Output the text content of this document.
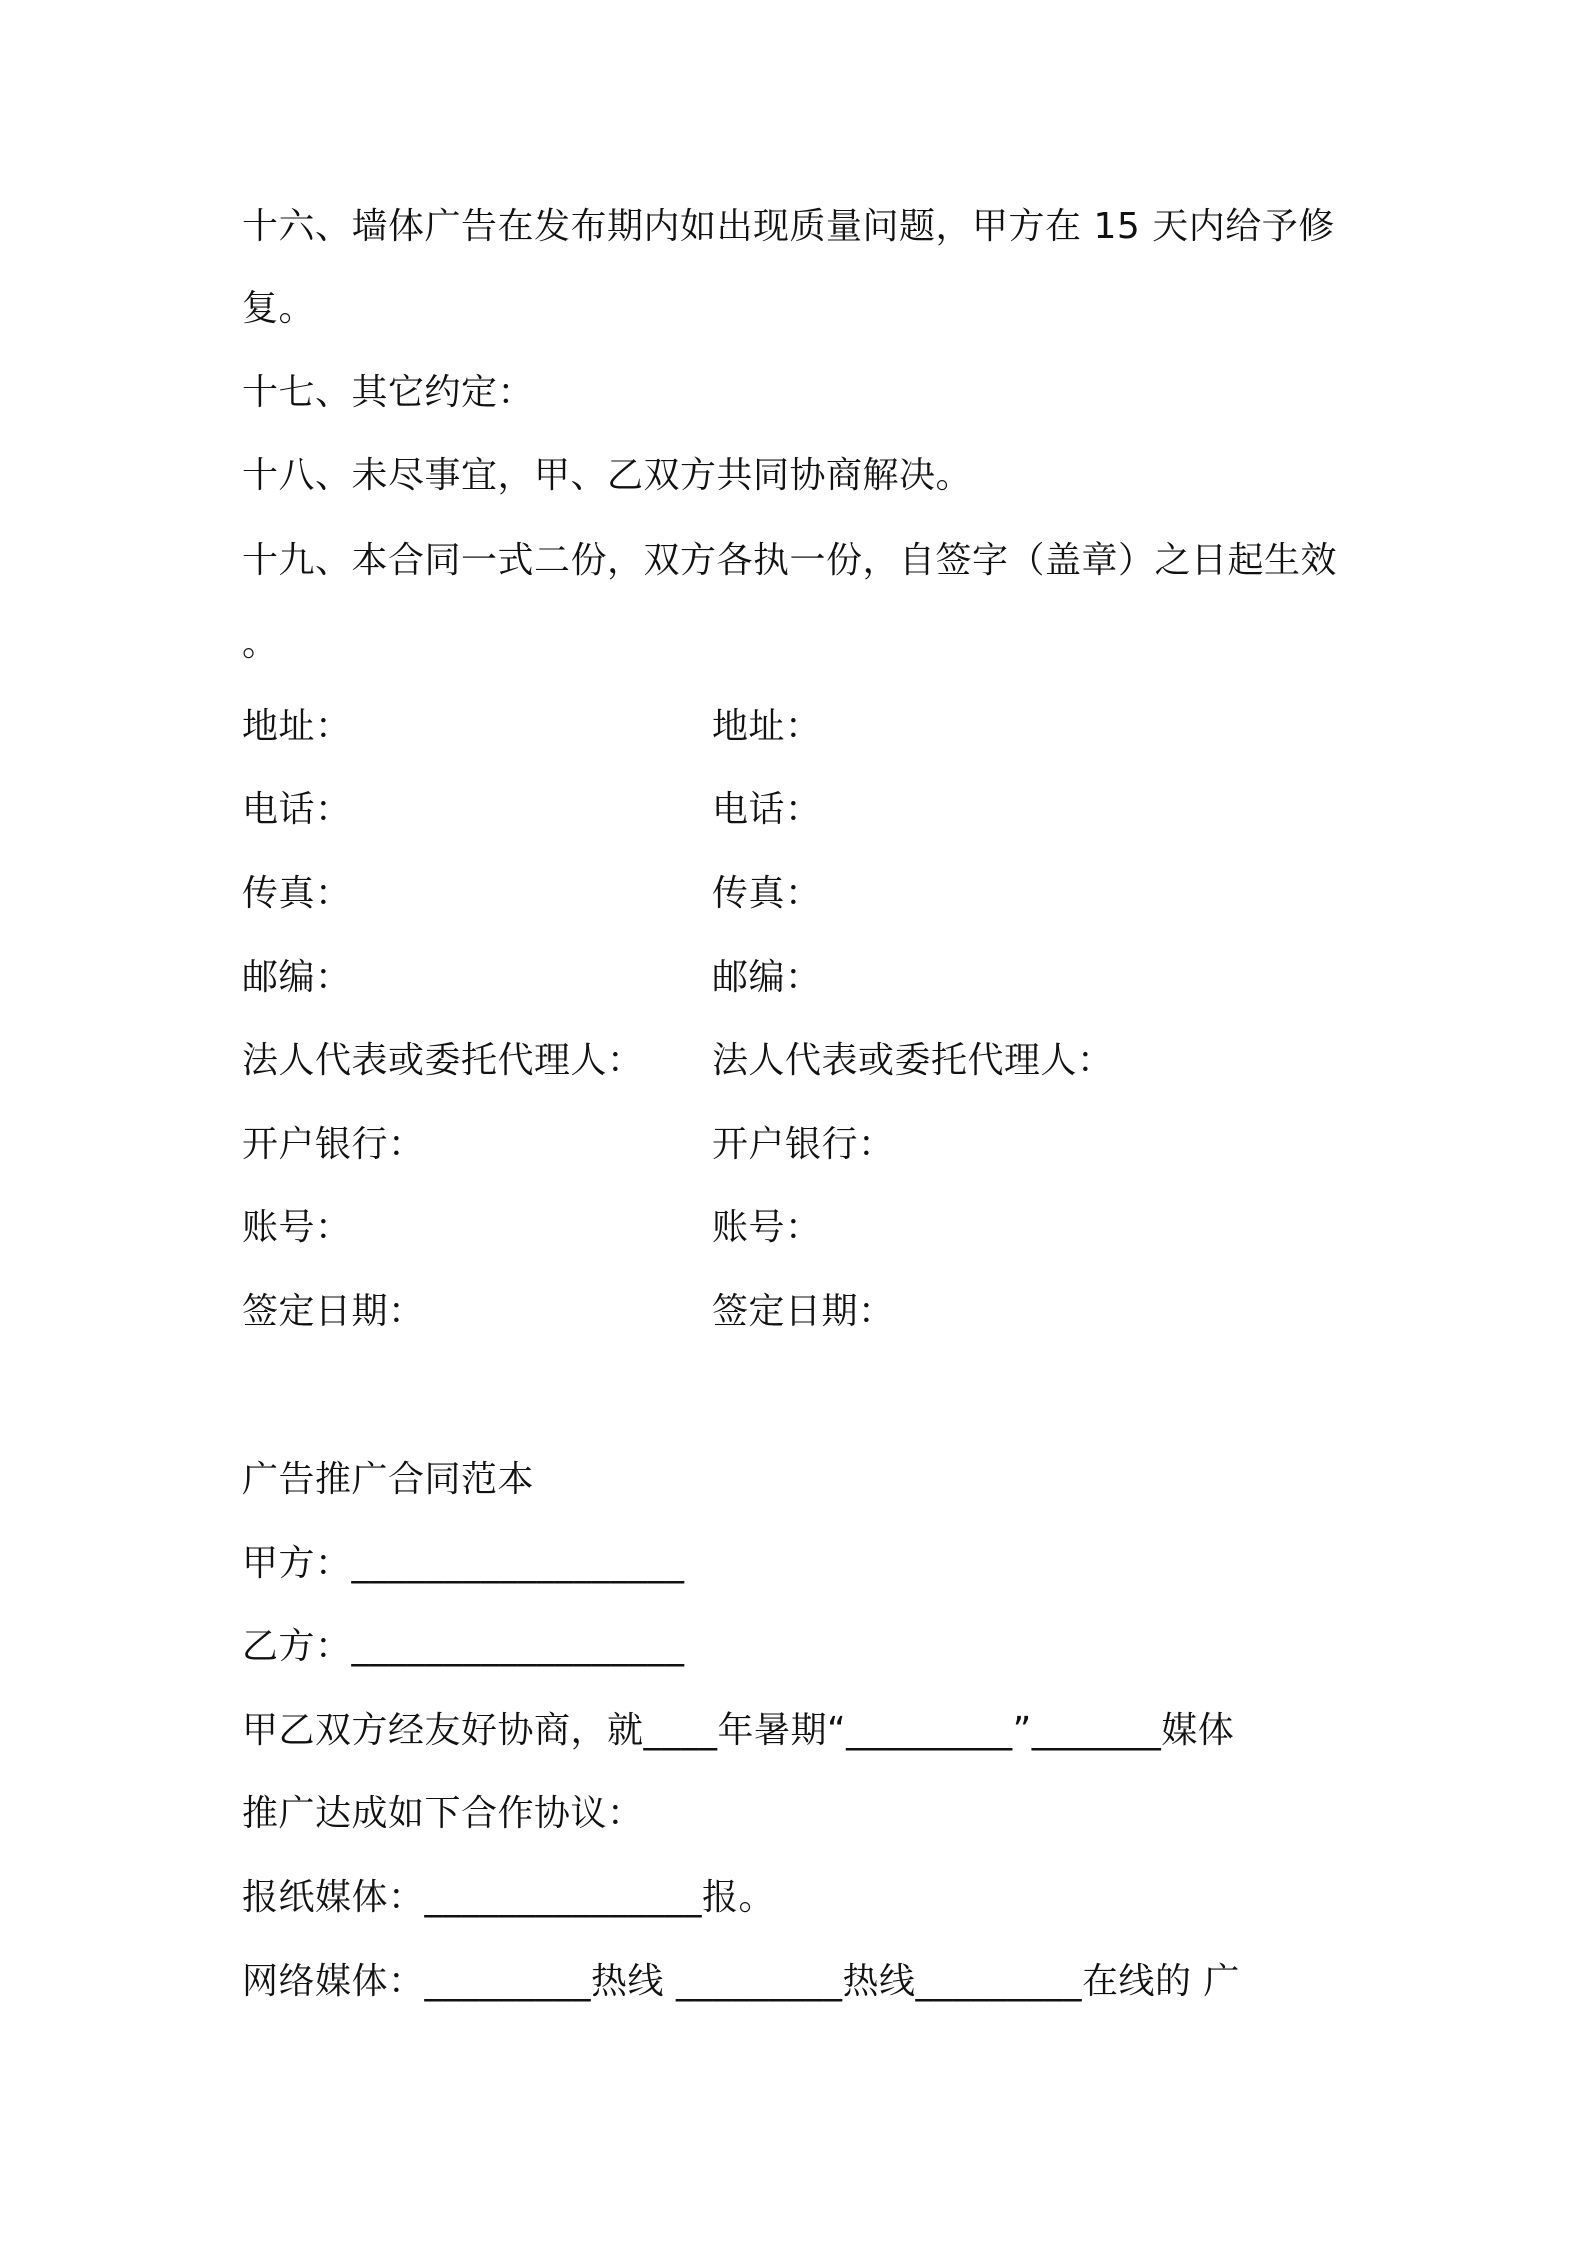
十六、墙体广告在发布期内如出现质量问题，甲方在 15 天内给予修
复。
十七、其它约定：
十八、未尽事宜，甲、乙双方共同协商解决。
十九、本合同一式二份，双方各执一份，自签字（盖章）之日起生效
。
地址：
电话：
传真：
邮编：
法人代表或委托代理人：
开户银行：
账号：
签定日期：
地址：
电话：
传真：
邮编：
法人代表或委托代理人：
开户银行：
账号：
签定日期：
广告推广合同范本
甲方：__________________
乙方：__________________
甲乙双方经友好协商，就____年暑期“_________”_______媒体
推广达成如下合作协议：
报纸媒体：_______________报。
网络媒体：_________热线 _________热线_________在线的 广
